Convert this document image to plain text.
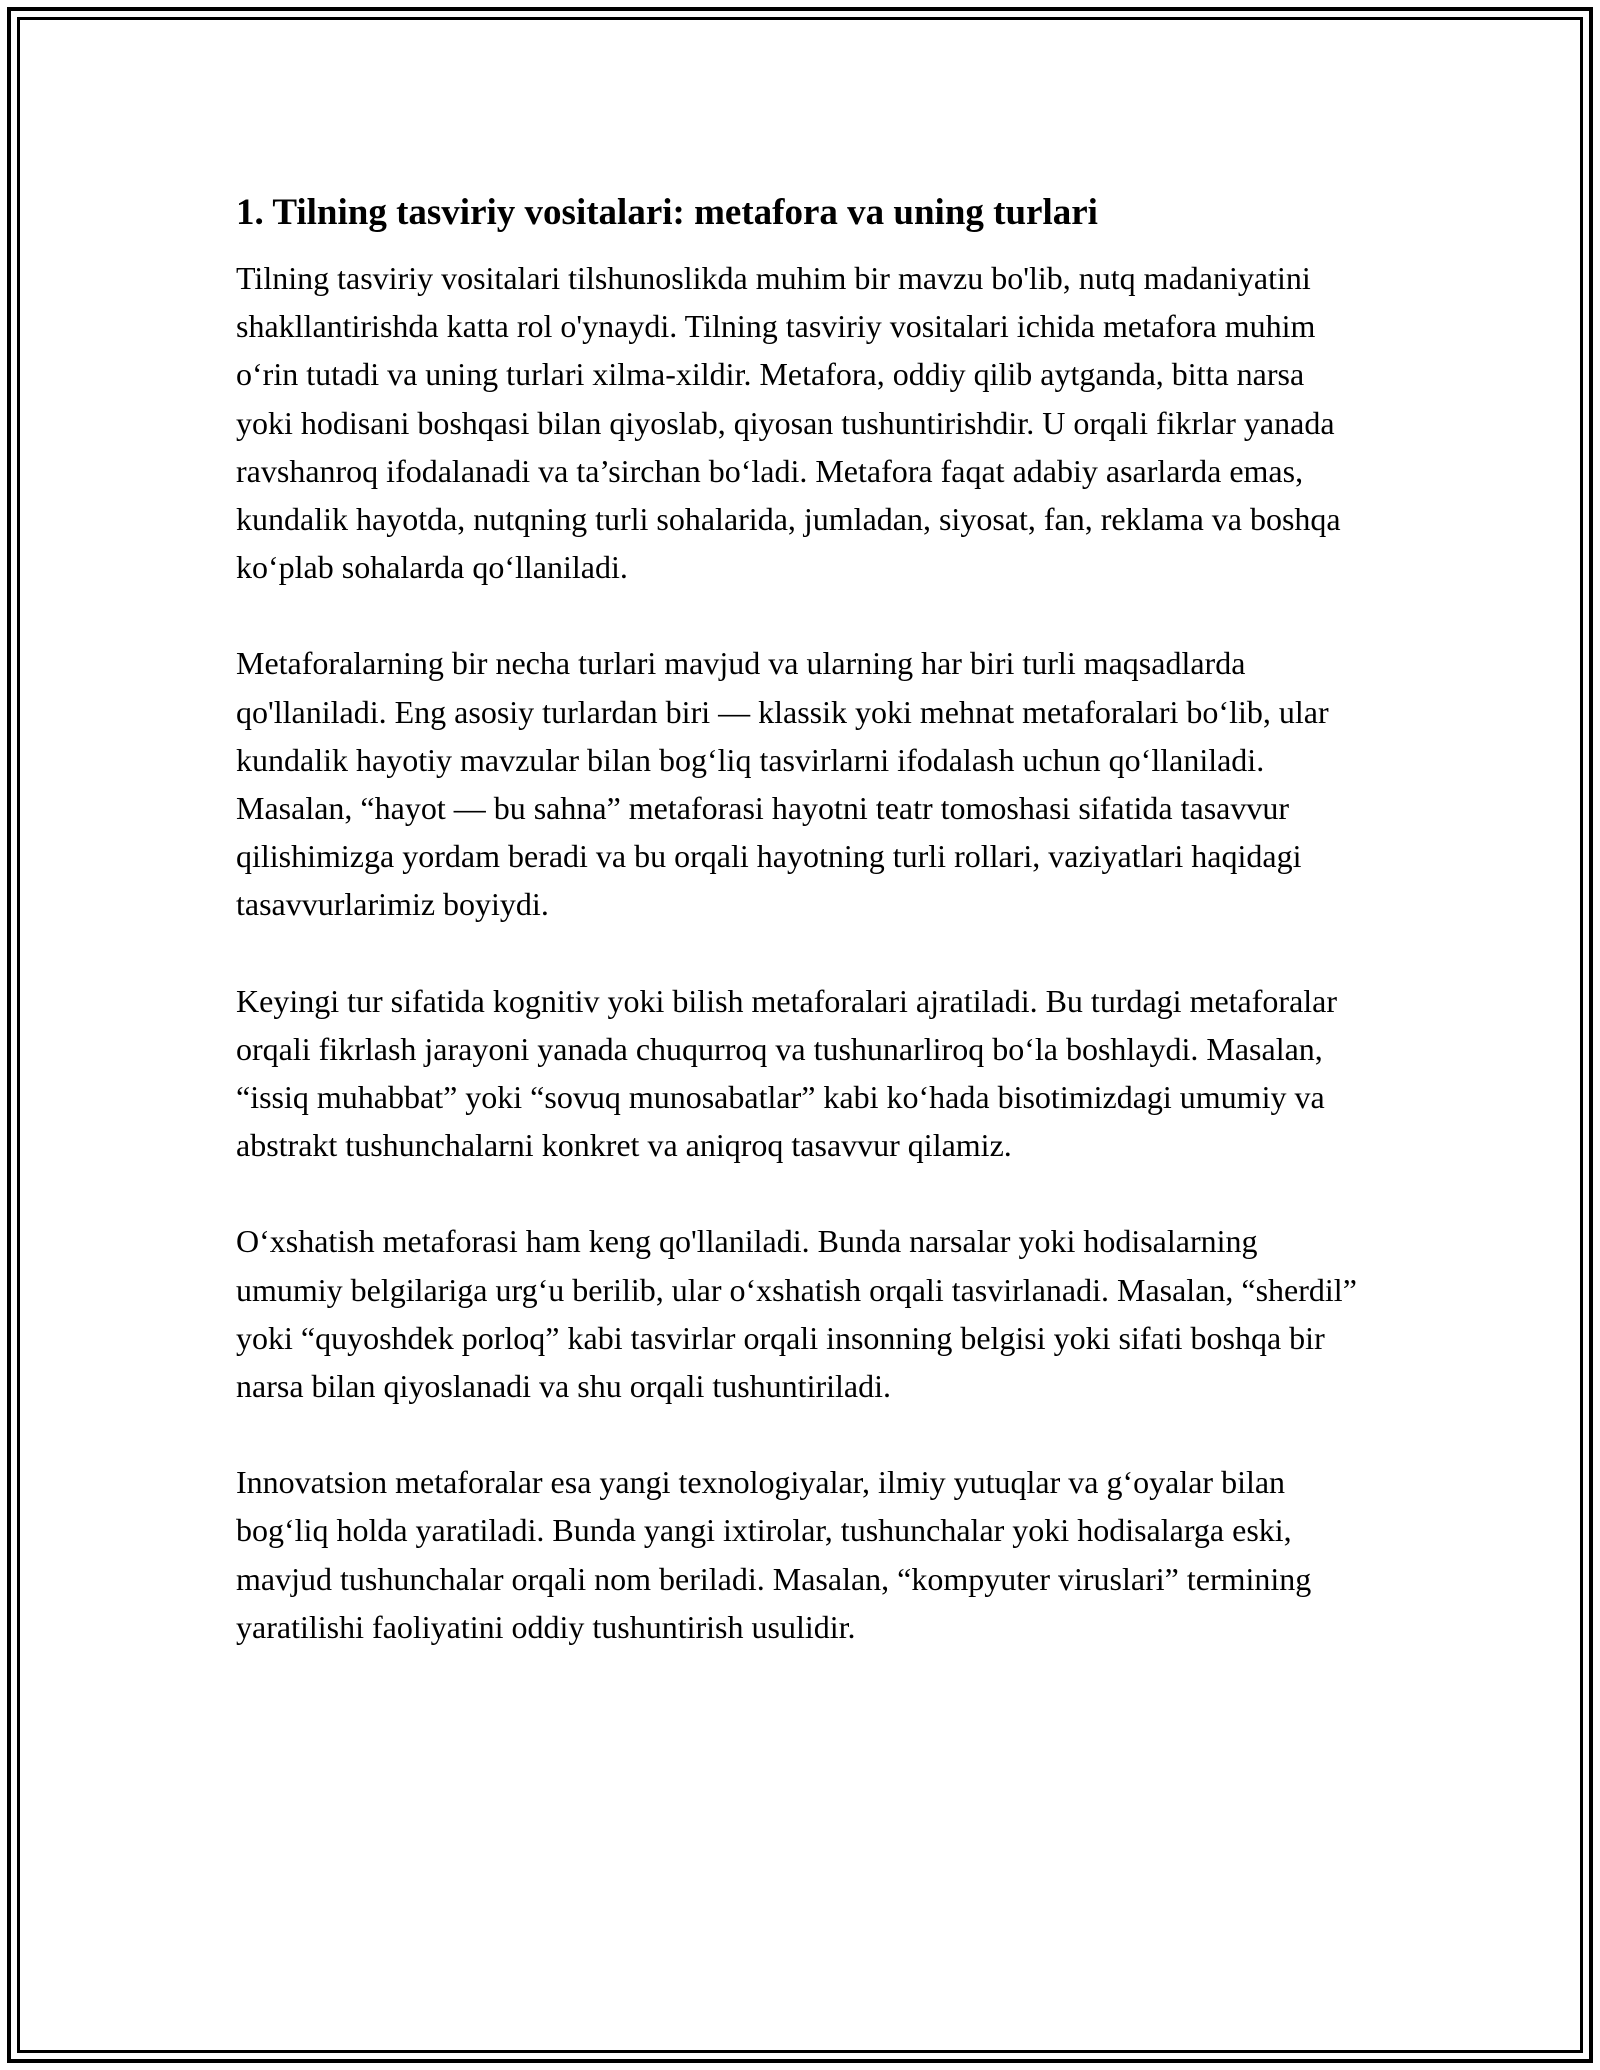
1. Tilning tasviriy vositalari: metafora va uning turlari

Tilning tasviriy vositalari tilshunoslikda muhim bir mavzu bo'lib, nutq madaniyatini shakllantirishda katta rol o'ynaydi. Tilning tasviriy vositalari ichida metafora muhim o‘rin tutadi va uning turlari xilma-xildir. Metafora, oddiy qilib aytganda, bitta narsa yoki hodisani boshqasi bilan qiyoslab, qiyosan tushuntirishdir. U orqali fikrlar yanada ravshanroq ifodalanadi va ta’sirchan bo‘ladi. Metafora faqat adabiy asarlarda emas, kundalik hayotda, nutqning turli sohalarida, jumladan, siyosat, fan, reklama va boshqa ko‘plab sohalarda qo‘llaniladi.

Metaforalarning bir necha turlari mavjud va ularning har biri turli maqsadlarda qo'llaniladi. Eng asosiy turlardan biri — klassik yoki mehnat metaforalari bo‘lib, ular kundalik hayotiy mavzular bilan bog‘liq tasvirlarni ifodalash uchun qo‘llaniladi. Masalan, “hayot — bu sahna” metaforasi hayotni teatr tomoshasi sifatida tasavvur qilishimizga yordam beradi va bu orqali hayotning turli rollari, vaziyatlari haqidagi tasavvurlarimiz boyiydi.

Keyingi tur sifatida kognitiv yoki bilish metaforalari ajratiladi. Bu turdagi metaforalar orqali fikrlash jarayoni yanada chuqurroq va tushunarliroq bo‘la boshlaydi. Masalan, “issiq muhabbat” yoki “sovuq munosabatlar” kabi ko‘hada bisotimizdagi umumiy va abstrakt tushunchalarni konkret va aniqroq tasavvur qilamiz.

O‘xshatish metaforasi ham keng qo'llaniladi. Bunda narsalar yoki hodisalarning umumiy belgilariga urg‘u berilib, ular o‘xshatish orqali tasvirlanadi. Masalan, “sherdil” yoki “quyoshdek porloq” kabi tasvirlar orqali insonning belgisi yoki sifati boshqa bir narsa bilan qiyoslanadi va shu orqali tushuntiriladi.

Innovatsion metaforalar esa yangi texnologiyalar, ilmiy yutuqlar va g‘oyalar bilan bog‘liq holda yaratiladi. Bunda yangi ixtirolar, tushunchalar yoki hodisalarga eski, mavjud tushunchalar orqali nom beriladi. Masalan, “kompyuter viruslari” termining yaratilishi faoliyatini oddiy tushuntirish usulidir.
